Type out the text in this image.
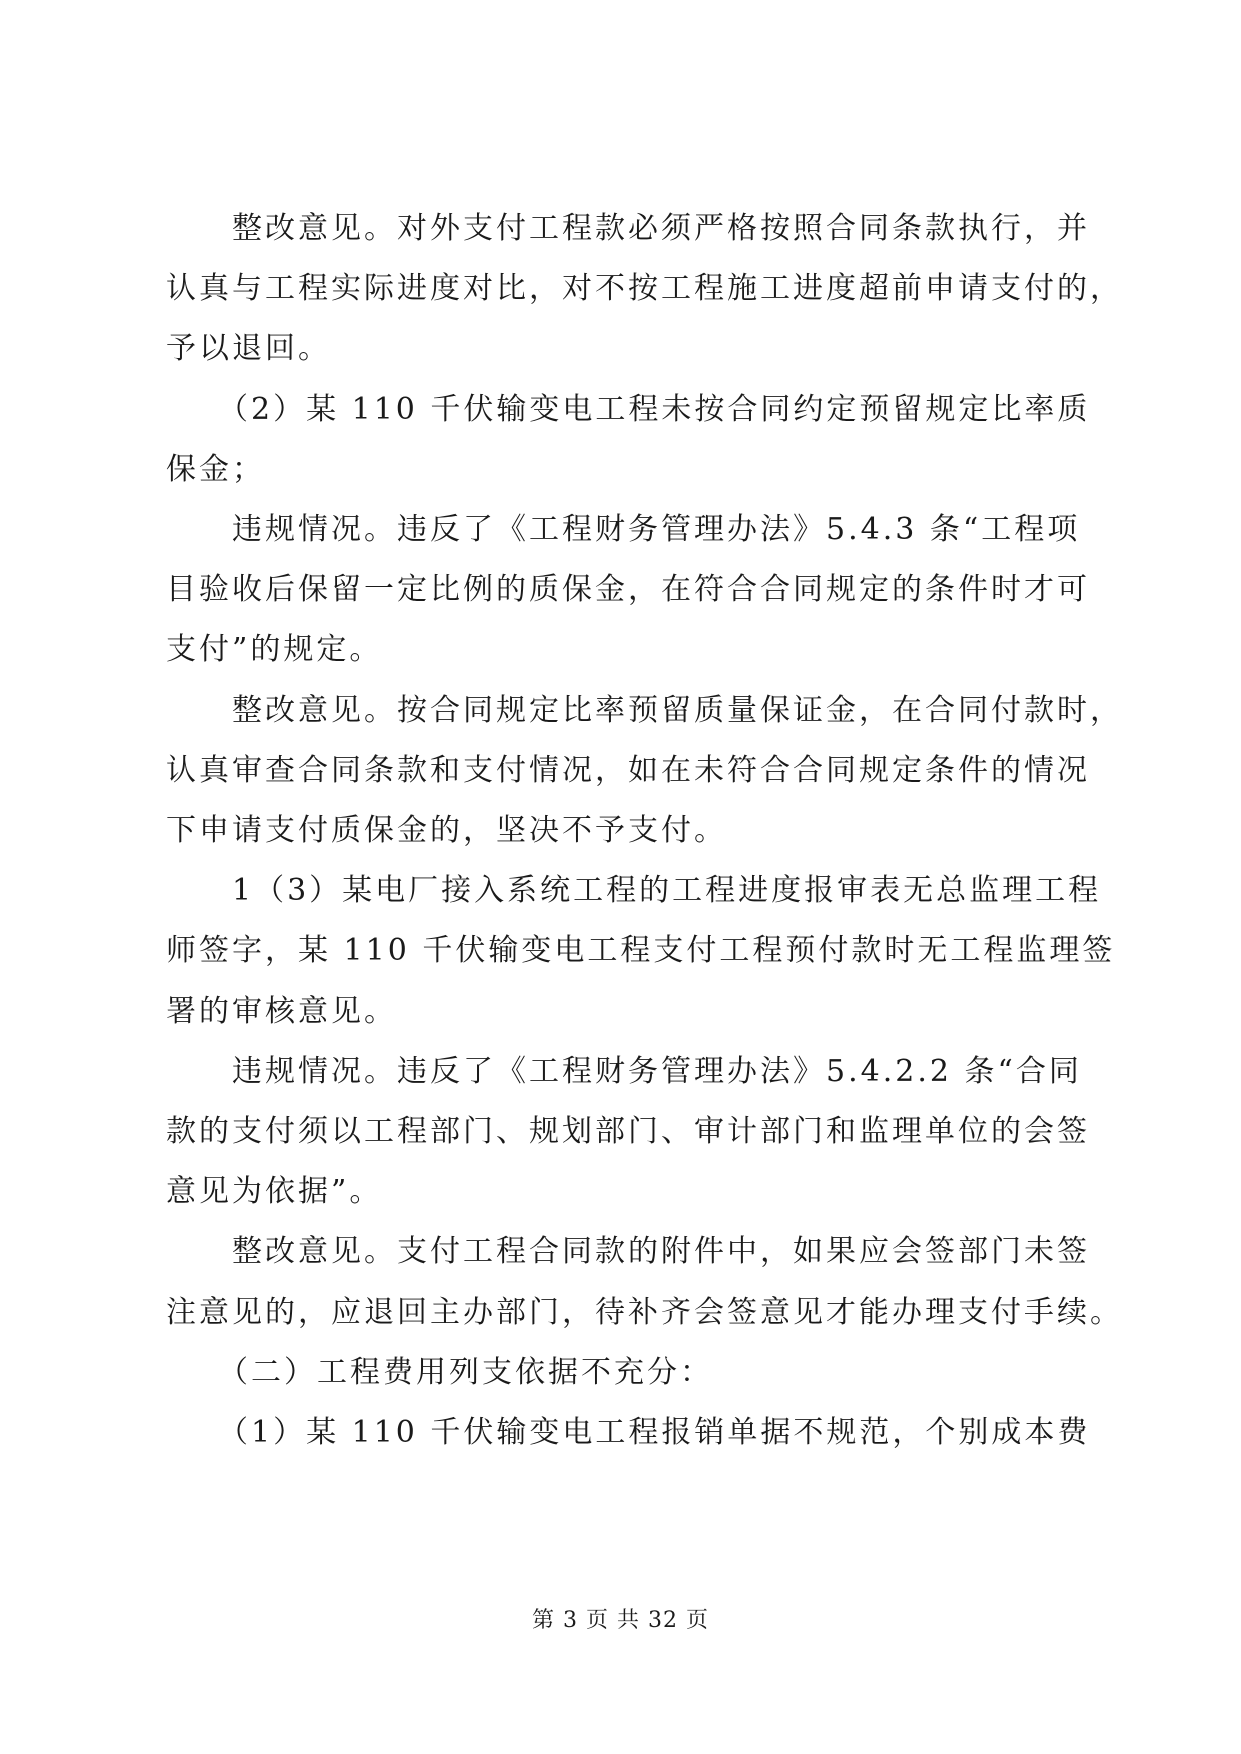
整改意见。对外支付工程款必须严格按照合同条款执行，并
认真与工程实际进度对比，对不按工程施工进度超前申请支付的，
予以退回。
（2）某 110 千伏输变电工程未按合同约定预留规定比率质
保金；
违规情况。违反了《工程财务管理办法》5.4.3 条“工程项
目验收后保留一定比例的质保金，在符合合同规定的条件时才可
支付”的规定。
整改意见。按合同规定比率预留质量保证金，在合同付款时，
认真审查合同条款和支付情况，如在未符合合同规定条件的情况
下申请支付质保金的，坚决不予支付。
1（3）某电厂接入系统工程的工程进度报审表无总监理工程
师签字，某 110 千伏输变电工程支付工程预付款时无工程监理签
署的审核意见。
违规情况。违反了《工程财务管理办法》5.4.2.2 条“合同
款的支付须以工程部门、规划部门、审计部门和监理单位的会签
意见为依据”。
整改意见。支付工程合同款的附件中，如果应会签部门未签
注意见的，应退回主办部门，待补齐会签意见才能办理支付手续。
（二）工程费用列支依据不充分：
（1）某 110 千伏输变电工程报销单据不规范，个别成本费
第 3 页 共 32 页
